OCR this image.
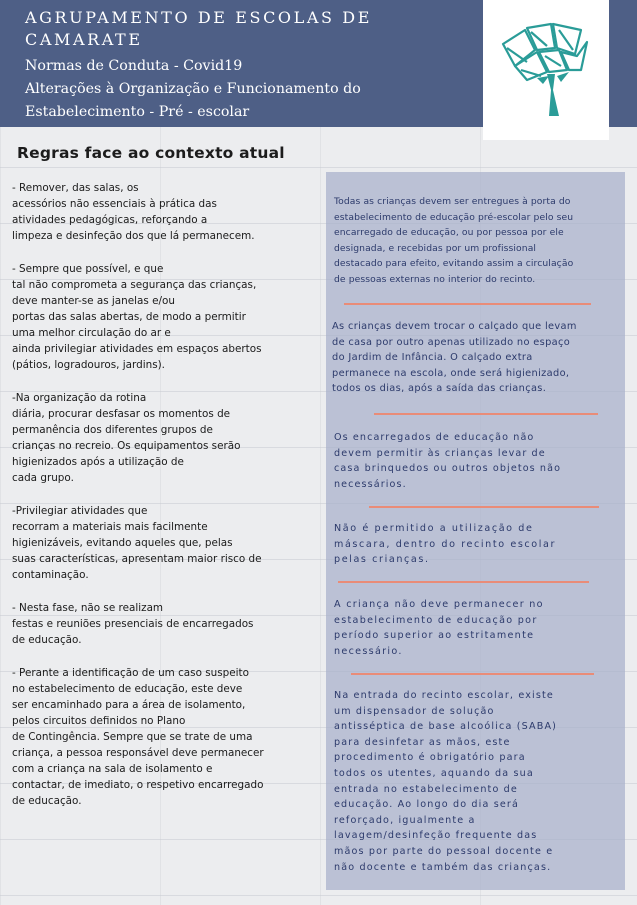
AGRUPAMENTO DE ESCOLAS DE CAMARATE
Normas de Conduta - Covid19
Alterações à Organização e Funcionamento do Estabelecimento - Pré - escolar
Regras face ao contexto atual

- Remover, das salas, os
acessórios não essenciais à prática das
atividades pedagógicas, reforçando a
limpeza e desinfeção dos que lá permanecem.

- Sempre que possível, e que
tal não comprometa a segurança das crianças,
deve manter-se as janelas e/ou
portas das salas abertas, de modo a permitir
uma melhor circulação do ar e
ainda privilegiar atividades em espaços abertos
(pátios, logradouros, jardins).

-Na organização da rotina
diária, procurar desfasar os momentos de
permanência dos diferentes grupos de
crianças no recreio. Os equipamentos serão
higienizados após a utilização de
cada grupo.

-Privilegiar atividades que
recorram a materiais mais facilmente
higienizáveis, evitando aqueles que, pelas
suas características, apresentam maior risco de
contaminação.

- Nesta fase, não se realizam
festas e reuniões presenciais de encarregados
de educação.

- Perante a identificação de um caso suspeito
no estabelecimento de educação, este deve
ser encaminhado para a área de isolamento,
pelos circuitos definidos no Plano
de Contingência. Sempre que se trate de uma
criança, a pessoa responsável deve permanecer
com a criança na sala de isolamento e
contactar, de imediato, o respetivo encarregado
de educação.

Todas as crianças devem ser entregues à porta do
estabelecimento de educação pré-escolar pelo seu
encarregado de educação, ou por pessoa por ele
designada, e recebidas por um profissional
destacado para efeito, evitando assim a circulação
de pessoas externas no interior do recinto.
As crianças devem trocar o calçado que levam
de casa por outro apenas utilizado no espaço
do Jardim de Infância. O calçado extra
permanece na escola, onde será higienizado,
todos os dias, após a saída das crianças.
Os encarregados de educação não
devem permitir às crianças levar de
casa brinquedos ou outros objetos não
necessários.
Não é permitido a utilização de
máscara, dentro do recinto escolar
pelas crianças.
A criança não deve permanecer no
estabelecimento de educação por
período superior ao estritamente
necessário.
Na entrada do recinto escolar, existe
um dispensador de solução
antisséptica de base alcoólica (SABA)
para desinfetar as mãos, este
procedimento é obrigatório para
todos os utentes, aquando da sua
entrada no estabelecimento de
educação. Ao longo do dia será
reforçado, igualmente a
lavagem/desinfeção frequente das
mãos por parte do pessoal docente e
não docente e também das crianças.
